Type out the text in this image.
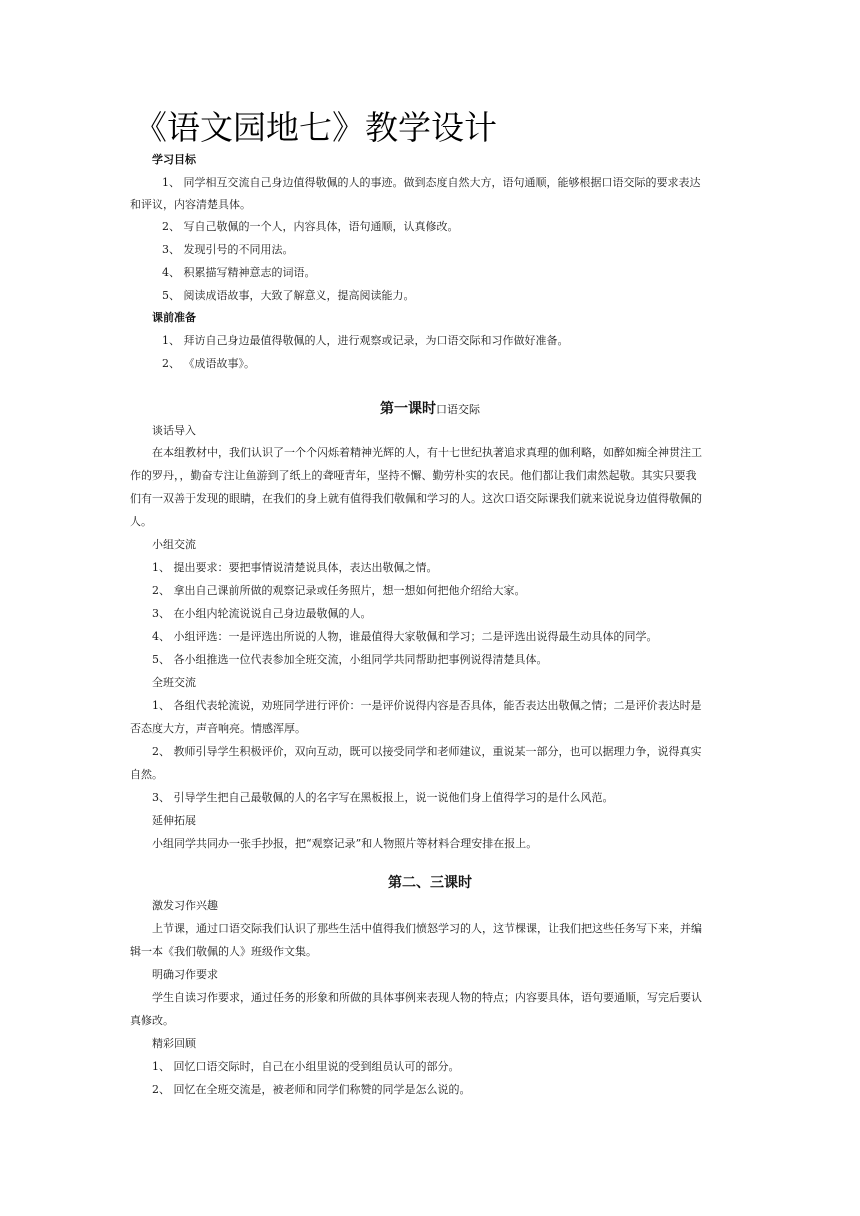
《语文园地七》教学设计
学习目标
1、 同学相互交流自己身边值得敬佩的人的事迹。做到态度自然大方，语句通顺，能够根据口语交际的要求表达
和评议，内容清楚具体。
2、 写自己敬佩的一个人，内容具体，语句通顺，认真修改。
3、 发现引号的不同用法。
4、 积累描写精神意志的词语。
5、 阅读成语故事，大致了解意义，提高阅读能力。
课前准备
1、 拜访自己身边最值得敬佩的人，进行观察或记录，为口语交际和习作做好准备。
2、 《成语故事》。
第一课时口语交际
谈话导入
在本组教材中，我们认识了一个个闪烁着精神光辉的人，有十七世纪执著追求真理的伽利略，如醉如痴全神贯注工
作的罗丹，，勤奋专注让鱼游到了纸上的聋哑青年，坚持不懈、勤劳朴实的农民。他们都让我们肃然起敬。其实只要我
们有一双善于发现的眼睛，在我们的身上就有值得我们敬佩和学习的人。这次口语交际课我们就来说说身边值得敬佩的
人。
小组交流
1、 提出要求：要把事情说清楚说具体，表达出敬佩之情。
2、 拿出自己课前所做的观察记录或任务照片，想一想如何把他介绍给大家。
3、 在小组内轮流说说自己身边最敬佩的人。
4、 小组评选：一是评选出所说的人物，谁最值得大家敬佩和学习；二是评选出说得最生动具体的同学。
5、 各小组推选一位代表参加全班交流，小组同学共同帮助把事例说得清楚具体。
全班交流
1、 各组代表轮流说，劝班同学进行评价：一是评价说得内容是否具体，能否表达出敬佩之情；二是评价表达时是
否态度大方，声音响亮。情感浑厚。
2、 教师引导学生积极评价，双向互动，既可以接受同学和老师建议，重说某一部分，也可以据理力争，说得真实
自然。
3、 引导学生把自己最敬佩的人的名字写在黑板报上，说一说他们身上值得学习的是什么风范。
延伸拓展
小组同学共同办一张手抄报，把“观察记录”和人物照片等材料合理安排在报上。
第二、三课时
激发习作兴趣
上节课，通过口语交际我们认识了那些生活中值得我们愤怒学习的人，这节棵课，让我们把这些任务写下来，并编
辑一本《我们敬佩的人》班级作文集。
明确习作要求
学生自读习作要求，通过任务的形象和所做的具体事例来表现人物的特点；内容要具体，语句要通顺，写完后要认
真修改。
精彩回顾
1、 回忆口语交际时，自己在小组里说的受到组员认可的部分。
2、 回忆在全班交流是，被老师和同学们称赞的同学是怎么说的。
